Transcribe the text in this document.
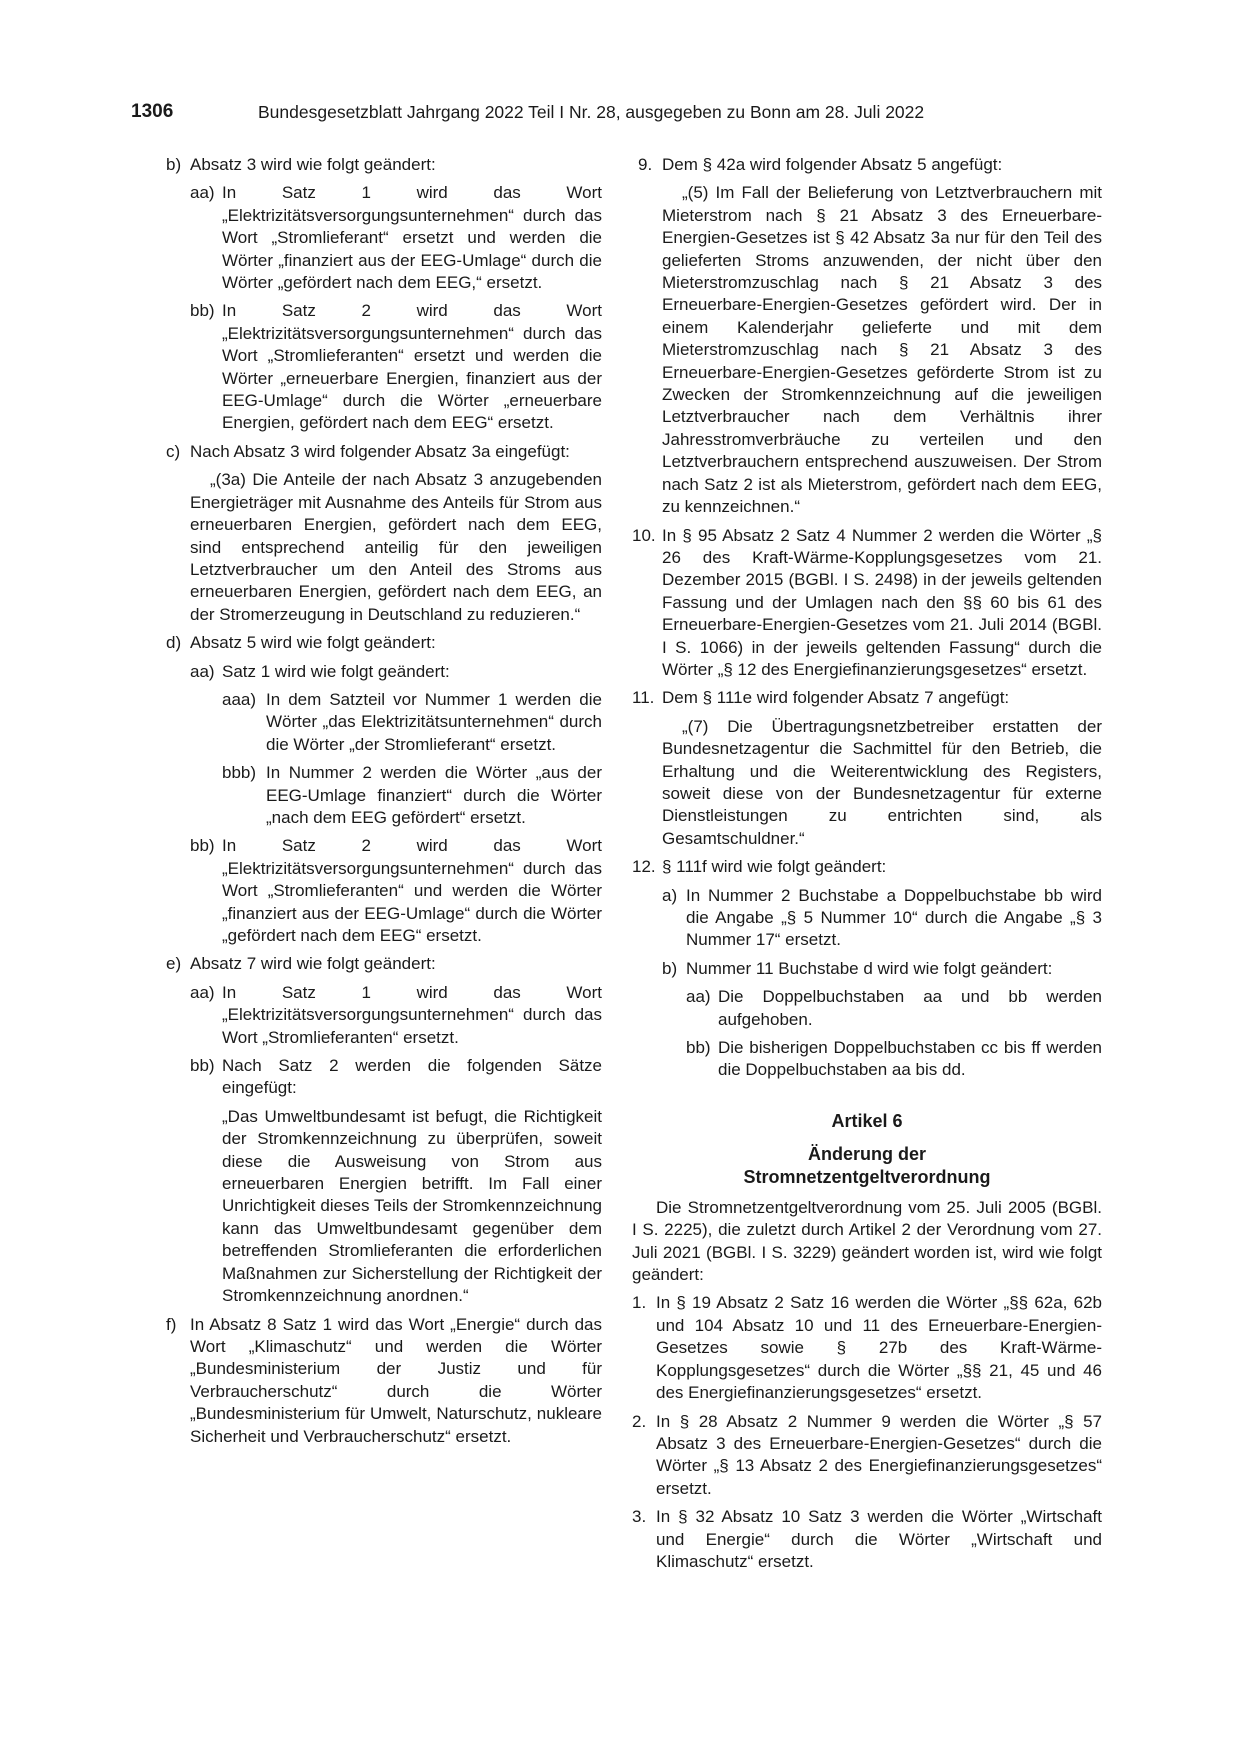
1306	Bundesgesetzblatt Jahrgang 2022 Teil I Nr. 28, ausgegeben zu Bonn am 28. Juli 2022
b) Absatz 3 wird wie folgt geändert:
aa) In Satz 1 wird das Wort „Elektrizitätsversorgungsunternehmen“ durch das Wort „Stromlieferant“ ersetzt und werden die Wörter „finanziert aus der EEG-Umlage“ durch die Wörter „gefördert nach dem EEG,“ ersetzt.
bb) In Satz 2 wird das Wort „Elektrizitätsversorgungsunternehmen“ durch das Wort „Stromlieferanten“ ersetzt und werden die Wörter „erneuerbare Energien, finanziert aus der EEG-Umlage“ durch die Wörter „erneuerbare Energien, gefördert nach dem EEG“ ersetzt.
c) Nach Absatz 3 wird folgender Absatz 3a eingefügt:
„(3a) Die Anteile der nach Absatz 3 anzugebenden Energieträger mit Ausnahme des Anteils für Strom aus erneuerbaren Energien, gefördert nach dem EEG, sind entsprechend anteilig für den jeweiligen Letztverbraucher um den Anteil des Stroms aus erneuerbaren Energien, gefördert nach dem EEG, an der Stromerzeugung in Deutschland zu reduzieren.“
d) Absatz 5 wird wie folgt geändert:
aa) Satz 1 wird wie folgt geändert:
aaa) In dem Satzteil vor Nummer 1 werden die Wörter „das Elektrizitätsunternehmen“ durch die Wörter „der Stromlieferant“ ersetzt.
bbb) In Nummer 2 werden die Wörter „aus der EEG-Umlage finanziert“ durch die Wörter „nach dem EEG gefördert“ ersetzt.
bb) In Satz 2 wird das Wort „Elektrizitätsversorgungsunternehmen“ durch das Wort „Stromlieferanten“ und werden die Wörter „finanziert aus der EEG-Umlage“ durch die Wörter „gefördert nach dem EEG“ ersetzt.
e) Absatz 7 wird wie folgt geändert:
aa) In Satz 1 wird das Wort „Elektrizitätsversorgungsunternehmen“ durch das Wort „Stromlieferanten“ ersetzt.
bb) Nach Satz 2 werden die folgenden Sätze eingefügt:
„Das Umweltbundesamt ist befugt, die Richtigkeit der Stromkennzeichnung zu überprüfen, soweit diese die Ausweisung von Strom aus erneuerbaren Energien betrifft. Im Fall einer Unrichtigkeit dieses Teils der Stromkennzeichnung kann das Umweltbundesamt gegenüber dem betreffenden Stromlieferanten die erforderlichen Maßnahmen zur Sicherstellung der Richtigkeit der Stromkennzeichnung anordnen.“
f) In Absatz 8 Satz 1 wird das Wort „Energie“ durch das Wort „Klimaschutz“ und werden die Wörter „Bundesministerium der Justiz und für Verbraucherschutz“ durch die Wörter „Bundesministerium für Umwelt, Naturschutz, nukleare Sicherheit und Verbraucherschutz“ ersetzt.
9. Dem § 42a wird folgender Absatz 5 angefügt:
„(5) Im Fall der Belieferung von Letztverbrauchern mit Mieterstrom nach § 21 Absatz 3 des Erneuerbare-Energien-Gesetzes ist § 42 Absatz 3a nur für den Teil des gelieferten Stroms anzuwenden, der nicht über den Mieterstromzuschlag nach § 21 Absatz 3 des Erneuerbare-Energien-Gesetzes gefördert wird. Der in einem Kalenderjahr gelieferte und mit dem Mieterstromzuschlag nach § 21 Absatz 3 des Erneuerbare-Energien-Gesetzes geförderte Strom ist zu Zwecken der Stromkennzeichnung auf die jeweiligen Letztverbraucher nach dem Verhältnis ihrer Jahresstromverbräuche zu verteilen und den Letztverbrauchern entsprechend auszuweisen. Der Strom nach Satz 2 ist als Mieterstrom, gefördert nach dem EEG, zu kennzeichnen.“
10. In § 95 Absatz 2 Satz 4 Nummer 2 werden die Wörter „§ 26 des Kraft-Wärme-Kopplungsgesetzes vom 21. Dezember 2015 (BGBl. I S. 2498) in der jeweils geltenden Fassung und der Umlagen nach den §§ 60 bis 61 des Erneuerbare-Energien-Gesetzes vom 21. Juli 2014 (BGBl. I S. 1066) in der jeweils geltenden Fassung“ durch die Wörter „§ 12 des Energiefinanzierungsgesetzes“ ersetzt.
11. Dem § 111e wird folgender Absatz 7 angefügt:
„(7) Die Übertragungsnetzbetreiber erstatten der Bundesnetzagentur die Sachmittel für den Betrieb, die Erhaltung und die Weiterentwicklung des Registers, soweit diese von der Bundesnetzagentur für externe Dienstleistungen zu entrichten sind, als Gesamtschuldner.“
12. § 111f wird wie folgt geändert:
a) In Nummer 2 Buchstabe a Doppelbuchstabe bb wird die Angabe „§ 5 Nummer 10“ durch die Angabe „§ 3 Nummer 17“ ersetzt.
b) Nummer 11 Buchstabe d wird wie folgt geändert:
aa) Die Doppelbuchstaben aa und bb werden aufgehoben.
bb) Die bisherigen Doppelbuchstaben cc bis ff werden die Doppelbuchstaben aa bis dd.
Artikel 6
Änderung der
Stromnetzentgeltverordnung
Die Stromnetzentgeltverordnung vom 25. Juli 2005 (BGBl. I S. 2225), die zuletzt durch Artikel 2 der Verordnung vom 27. Juli 2021 (BGBl. I S. 3229) geändert worden ist, wird wie folgt geändert:
1. In § 19 Absatz 2 Satz 16 werden die Wörter „§§ 62a, 62b und 104 Absatz 10 und 11 des Erneuerbare-Energien-Gesetzes sowie § 27b des Kraft-Wärme-Kopplungsgesetzes“ durch die Wörter „§§ 21, 45 und 46 des Energiefinanzierungsgesetzes“ ersetzt.
2. In § 28 Absatz 2 Nummer 9 werden die Wörter „§ 57 Absatz 3 des Erneuerbare-Energien-Gesetzes“ durch die Wörter „§ 13 Absatz 2 des Energiefinanzierungsgesetzes“ ersetzt.
3. In § 32 Absatz 10 Satz 3 werden die Wörter „Wirtschaft und Energie“ durch die Wörter „Wirtschaft und Klimaschutz“ ersetzt.
